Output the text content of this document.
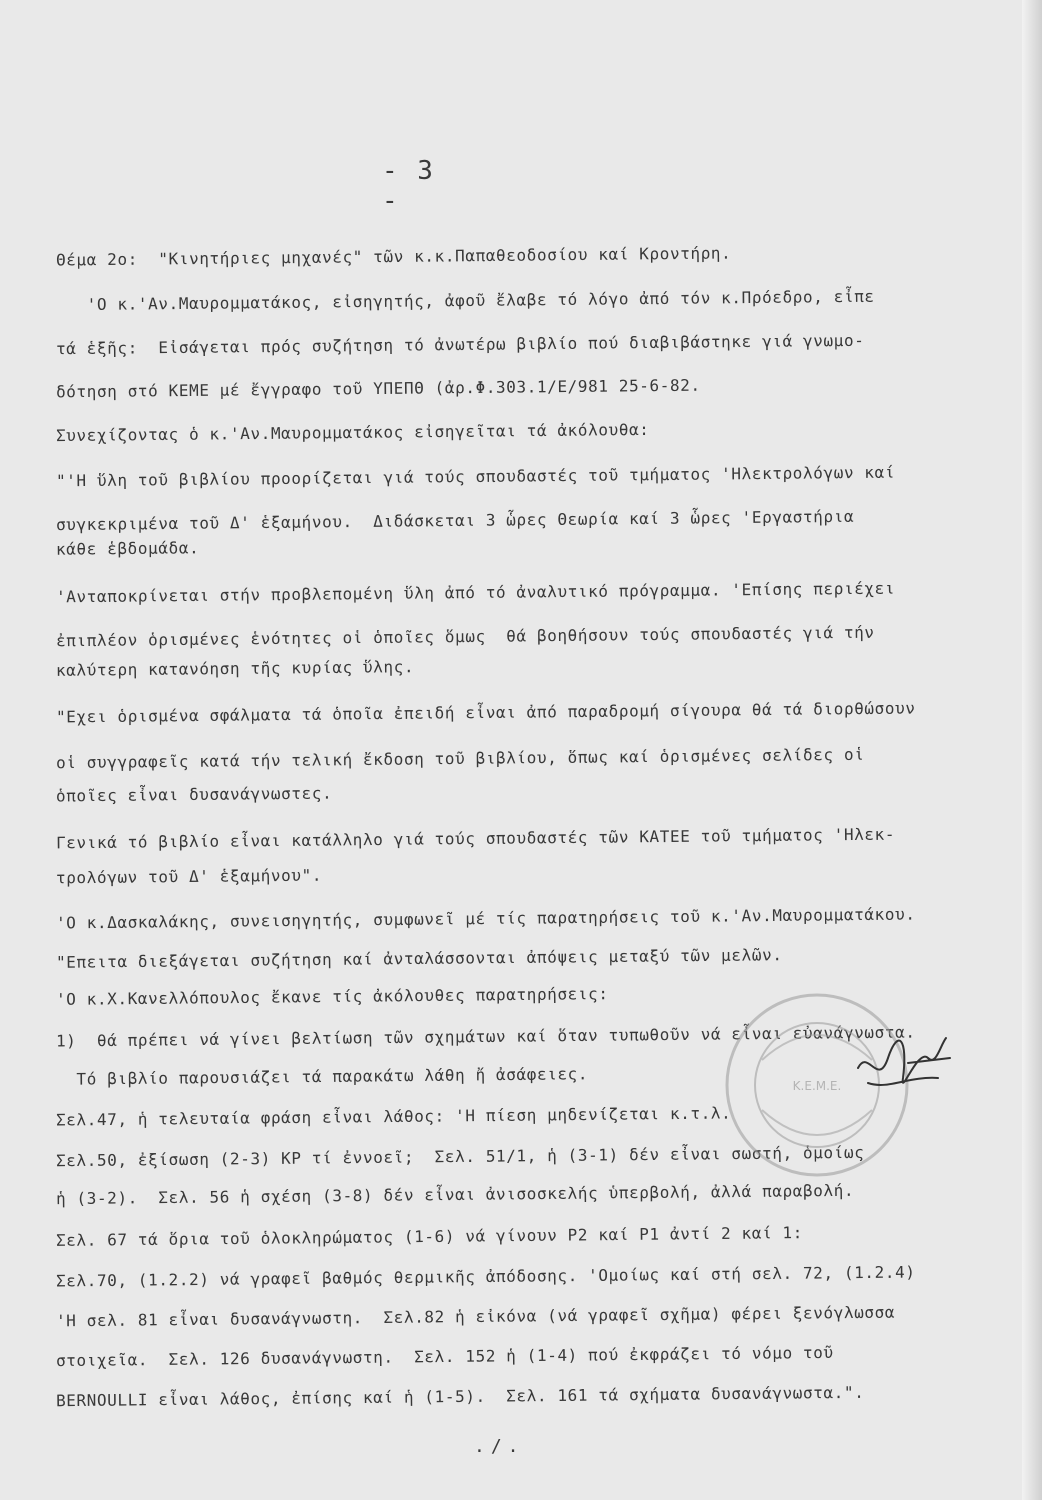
- 3 -
Θέμα 2ο:  "Κινητήριες μηχανές" τῶν κ.κ.Παπαθεοδοσίου καί Κροντήρη.
'Ο κ.'Αν.Μαυρομματάκος, εἰσηγητής, ἀφοῦ ἔλαβε τό λόγο ἀπό τόν κ.Πρόεδρο, εἶπε
τά ἑξῆς:  Εἰσάγεται πρός συζήτηση τό ἀνωτέρω βιβλίο πού διαβιβάστηκε γιά γνωμο-
δότηση στό ΚΕΜΕ μέ ἔγγραφο τοῦ ΥΠΕΠΘ (ἀρ.Φ.303.1/Ε/981 25-6-82.
Συνεχίζοντας ὁ κ.'Αν.Μαυρομματάκος εἰσηγεῖται τά ἀκόλουθα:
"'Η ὕλη τοῦ βιβλίου προορίζεται γιά τούς σπουδαστές τοῦ τμήματος 'Ηλεκτρολόγων καί
συγκεκριμένα τοῦ Δ' ἑξαμήνου.  Διδάσκεται 3 ὧρες Θεωρία καί 3 ὧρες 'Εργαστήρια
κάθε ἑβδομάδα.
'Ανταποκρίνεται στήν προβλεπομένη ὕλη ἀπό τό ἀναλυτικό πρόγραμμα. 'Επίσης περιέχει
ἐπιπλέον ὁρισμένες ἑνότητες οἱ ὁποῖες ὅμως  θά βοηθήσουν τούς σπουδαστές γιά τήν
καλύτερη κατανόηση τῆς κυρίας ὕλης.
"Εχει ὁρισμένα σφάλματα τά ὁποῖα ἐπειδή εἶναι ἀπό παραδρομή σίγουρα θά τά διορθώσουν
οἱ συγγραφεῖς κατά τήν τελική ἔκδοση τοῦ βιβλίου, ὅπως καί ὁρισμένες σελίδες οἱ
ὁποῖες εἶναι δυσανάγνωστες.
Γενικά τό βιβλίο εἶναι κατάλληλο γιά τούς σπουδαστές τῶν ΚΑΤΕΕ τοῦ τμήματος 'Ηλεκ-
τρολόγων τοῦ Δ' ἑξαμήνου".
'Ο κ.Δασκαλάκης, συνεισηγητής, συμφωνεῖ μέ τίς παρατηρήσεις τοῦ κ.'Αν.Μαυρομματάκου.
"Επειτα διεξάγεται συζήτηση καί ἀνταλάσσονται ἀπόψεις μεταξύ τῶν μελῶν.
'Ο κ.Χ.Κανελλόπουλος ἔκανε τίς ἀκόλουθες παρατηρήσεις:
1)  θά πρέπει νά γίνει βελτίωση τῶν σχημάτων καί ὅταν τυπωθοῦν νά εἶναι εὐανάγνωστα.
Τό βιβλίο παρουσιάζει τά παρακάτω λάθη ἤ ἀσάφειες.
Σελ.47, ἡ τελευταία φράση εἶναι λάθος: 'Η πίεση μηδενίζεται κ.τ.λ.
Σελ.50, ἐξίσωση (2-3) ΚΡ τί ἐννοεῖ;  Σελ. 51/1, ἡ (3-1) δέν εἶναι σωστή, ὁμοίως
ἡ (3-2).  Σελ. 56 ἡ σχέση (3-8) δέν εἶναι ἀνισοσκελής ὑπερβολή, ἀλλά παραβολή.
Σελ. 67 τά ὅρια τοῦ ὁλοκληρώματος (1-6) νά γίνουν Ρ2 καί Ρ1 ἀντί 2 καί 1:
Σελ.70, (1.2.2) νά γραφεῖ βαθμός θερμικῆς ἀπόδοσης. 'Ομοίως καί στή σελ. 72, (1.2.4)
'Η σελ. 81 εἶναι δυσανάγνωστη.  Σελ.82 ἡ εἰκόνα (νά γραφεῖ σχῆμα) φέρει ξενόγλωσσα
στοιχεῖα.  Σελ. 126 δυσανάγνωστη.  Σελ. 152 ἡ (1-4) πού ἐκφράζει τό νόμο τοῦ
BERNOULLI εἶναι λάθος, ἐπίσης καί ἡ (1-5).  Σελ. 161 τά σχήματα δυσανάγνωστα.".
Κ.Ε.Μ.Ε.
./.
